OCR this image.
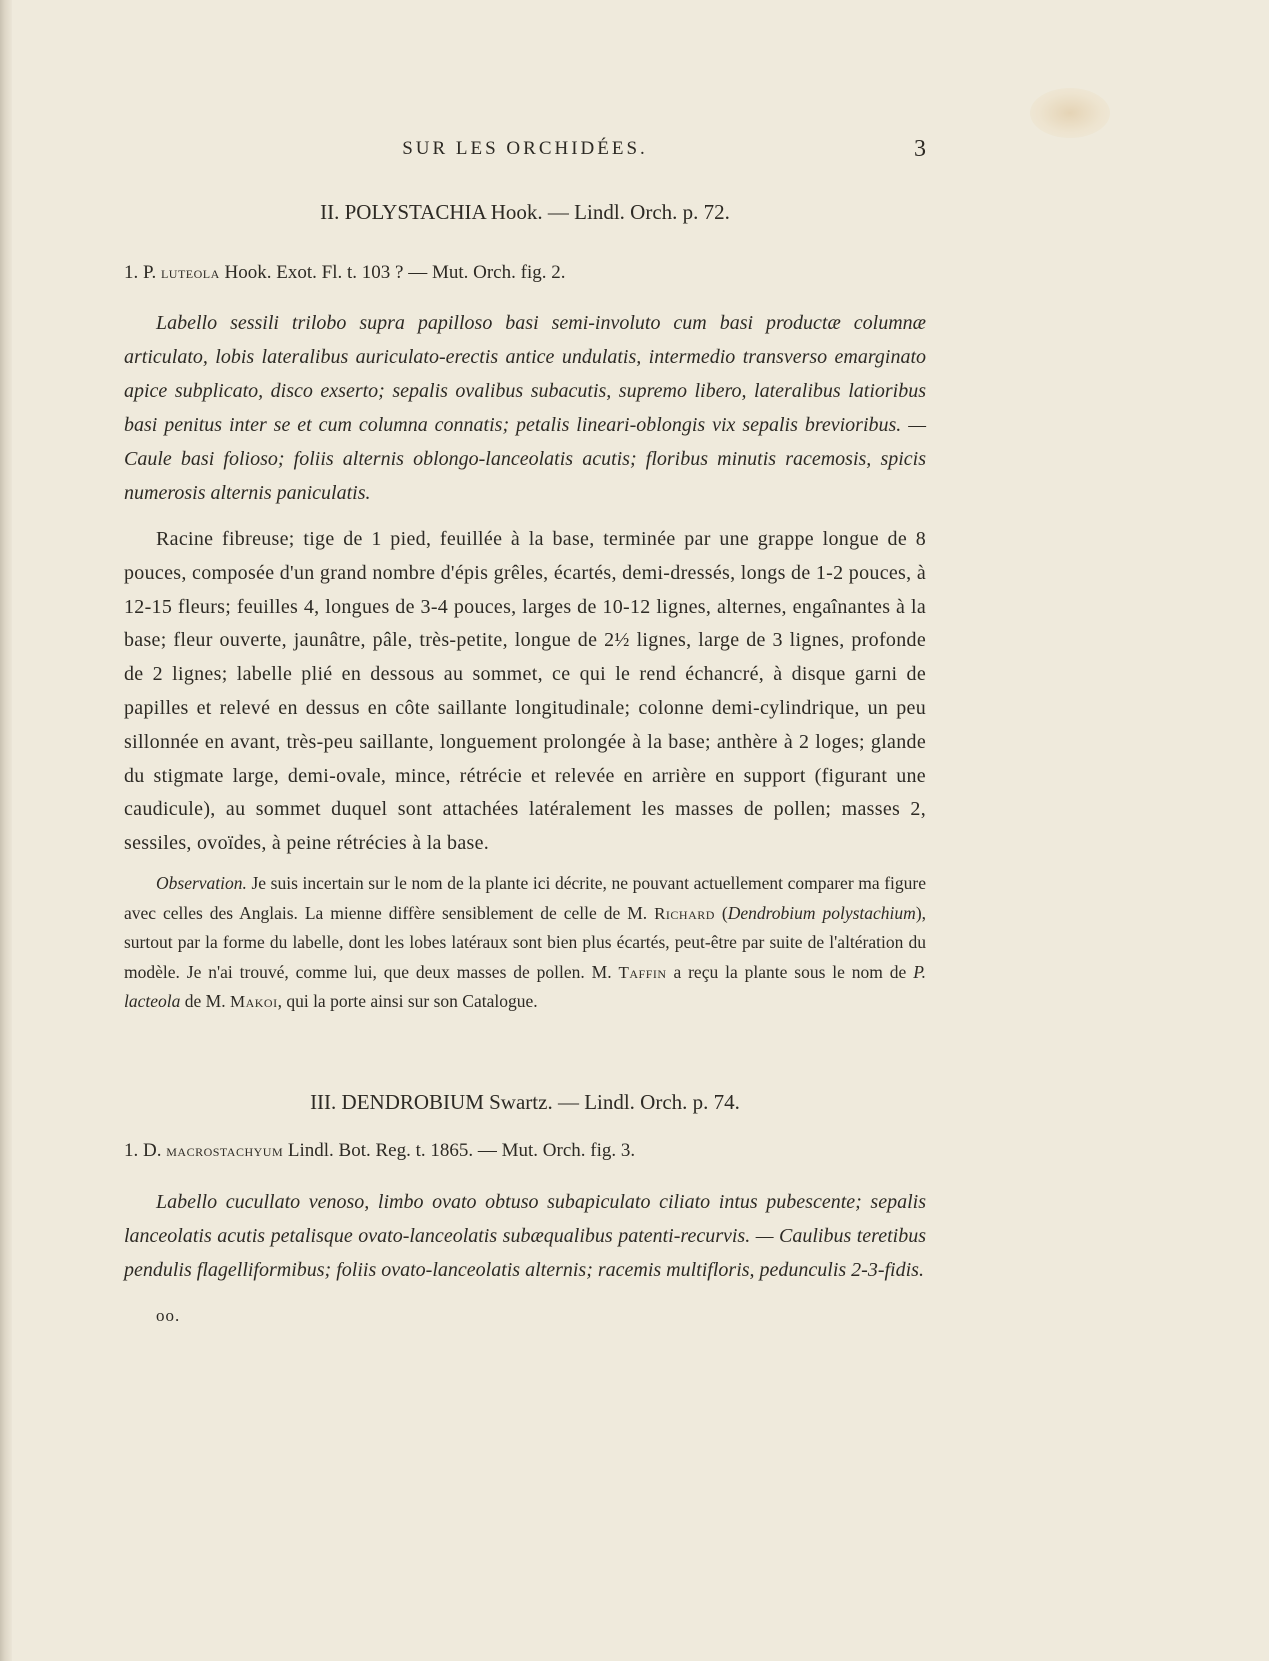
SUR LES ORCHIDÉES.	3
II. POLYSTACHIA Hook. — Lindl. Orch. p. 72.
1. P. luteola Hook. Exot. Fl. t. 103 ? — Mut. Orch. fig. 2.

Labello sessili trilobo supra papilloso basi semi-involuto cum basi productæ columnæ articulato, lobis lateralibus auriculato-erectis antice undulatis, intermedio transverso emarginato apice subplicato, disco exserto; sepalis ovalibus subacutis, supremo libero, lateralibus latioribus basi penitus inter se et cum columna connatis; petalis lineari-oblongis vix sepalis brevioribus. — Caule basi folioso; foliis alternis oblongo-lanceolatis acutis; floribus minutis racemosis, spicis numerosis alternis paniculatis.

Racine fibreuse; tige de 1 pied, feuillée à la base, terminée par une grappe longue de 8 pouces, composée d'un grand nombre d'épis grêles, écartés, demi-dressés, longs de 1-2 pouces, à 12-15 fleurs; feuilles 4, longues de 3-4 pouces, larges de 10-12 lignes, alternes, engaînantes à la base; fleur ouverte, jaunâtre, pâle, très-petite, longue de 2½ lignes, large de 3 lignes, profonde de 2 lignes; labelle plié en dessous au sommet, ce qui le rend échancré, à disque garni de papilles et relevé en dessus en côte saillante longitudinale; colonne demi-cylindrique, un peu sillonnée en avant, très-peu saillante, longuement prolongée à la base; anthère à 2 loges; glande du stigmate large, demi-ovale, mince, rétrécie et relevée en arrière en support (figurant une caudicule), au sommet duquel sont attachées latéralement les masses de pollen; masses 2, sessiles, ovoïdes, à peine rétrécies à la base.

Observation. Je suis incertain sur le nom de la plante ici décrite, ne pouvant actuellement comparer ma figure avec celles des Anglais. La mienne diffère sensiblement de celle de M. Richard (Dendrobium polystachium), surtout par la forme du labelle, dont les lobes latéraux sont bien plus écartés, peut-être par suite de l'altération du modèle. Je n'ai trouvé, comme lui, que deux masses de pollen. M. Taffin a reçu la plante sous le nom de P. lacteola de M. Makoi, qui la porte ainsi sur son Catalogue.

III. DENDROBIUM Swartz. — Lindl. Orch. p. 74.
1. D. macrostachyum Lindl. Bot. Reg. t. 1865. — Mut. Orch. fig. 3.

Labello cucullato venoso, limbo ovato obtuso subapiculato ciliato intus pubescente; sepalis lanceolatis acutis petalisque ovato-lanceolatis subæqualibus patenti-recurvis. — Caulibus teretibus pendulis flagelliformibus; foliis ovato-lanceolatis alternis; racemis multifloris, pedunculis 2-3-fidis.

oo.
